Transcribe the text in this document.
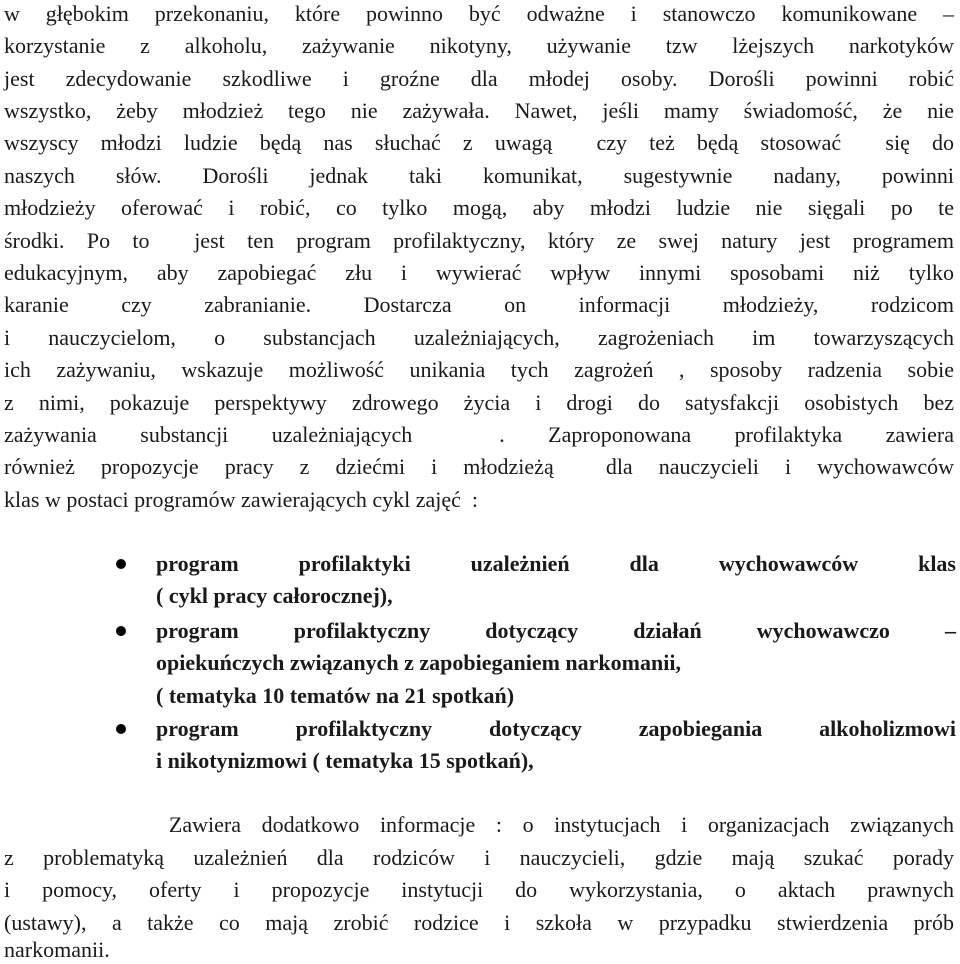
w głębokim przekonaniu, które powinno być odważne i stanowczo komunikowane –
korzystanie z alkoholu, zażywanie nikotyny, używanie tzw lżejszych narkotyków
jest zdecydowanie szkodliwe i groźne dla młodej osoby. Dorośli powinni robić
wszystko, żeby młodzież tego nie zażywała. Nawet, jeśli mamy świadomość, że nie
wszyscy młodzi ludzie będą nas słuchać z uwagą  czy też będą stosować  się do
naszych słów. Dorośli jednak taki komunikat, sugestywnie nadany, powinni
młodzieży oferować i robić, co tylko mogą, aby młodzi ludzie nie sięgali po te
środki. Po to  jest ten program profilaktyczny, który ze swej natury jest programem
edukacyjnym, aby zapobiegać złu i wywierać wpływ innymi sposobami niż tylko
karanie czy zabranianie. Dostarcza on informacji młodzieży, rodzicom
i nauczycielom, o substancjach uzależniających, zagrożeniach im towarzyszących
ich zażywaniu, wskazuje możliwość unikania tych zagrożeń , sposoby radzenia sobie
z nimi, pokazuje perspektywy zdrowego życia i drogi do satysfakcji osobistych bez
zażywania substancji uzależniających  . Zaproponowana profilaktyka zawiera
również propozycje pracy z dziećmi i młodzieżą  dla nauczycieli i wychowawców
klas w postaci programów zawierających cykl zajęć  :
program profilaktyki uzależnień dla wychowawców klas
( cykl pracy całorocznej),
program profilaktyczny dotyczący działań wychowawczo –
opiekuńczych związanych z zapobieganiem narkomanii,
( tematyka 10 tematów na 21 spotkań)
program profilaktyczny dotyczący zapobiegania alkoholizmowi
i nikotynizmowi ( tematyka 15 spotkań),
Zawiera dodatkowo informacje : o instytucjach i organizacjach związanych
z problematyką uzależnień dla rodziców i nauczycieli, gdzie mają szukać porady
i pomocy, oferty i propozycje instytucji do wykorzystania, o aktach prawnych
(ustawy), a także co mają zrobić rodzice i szkoła w przypadku stwierdzenia prób
narkomanii.
